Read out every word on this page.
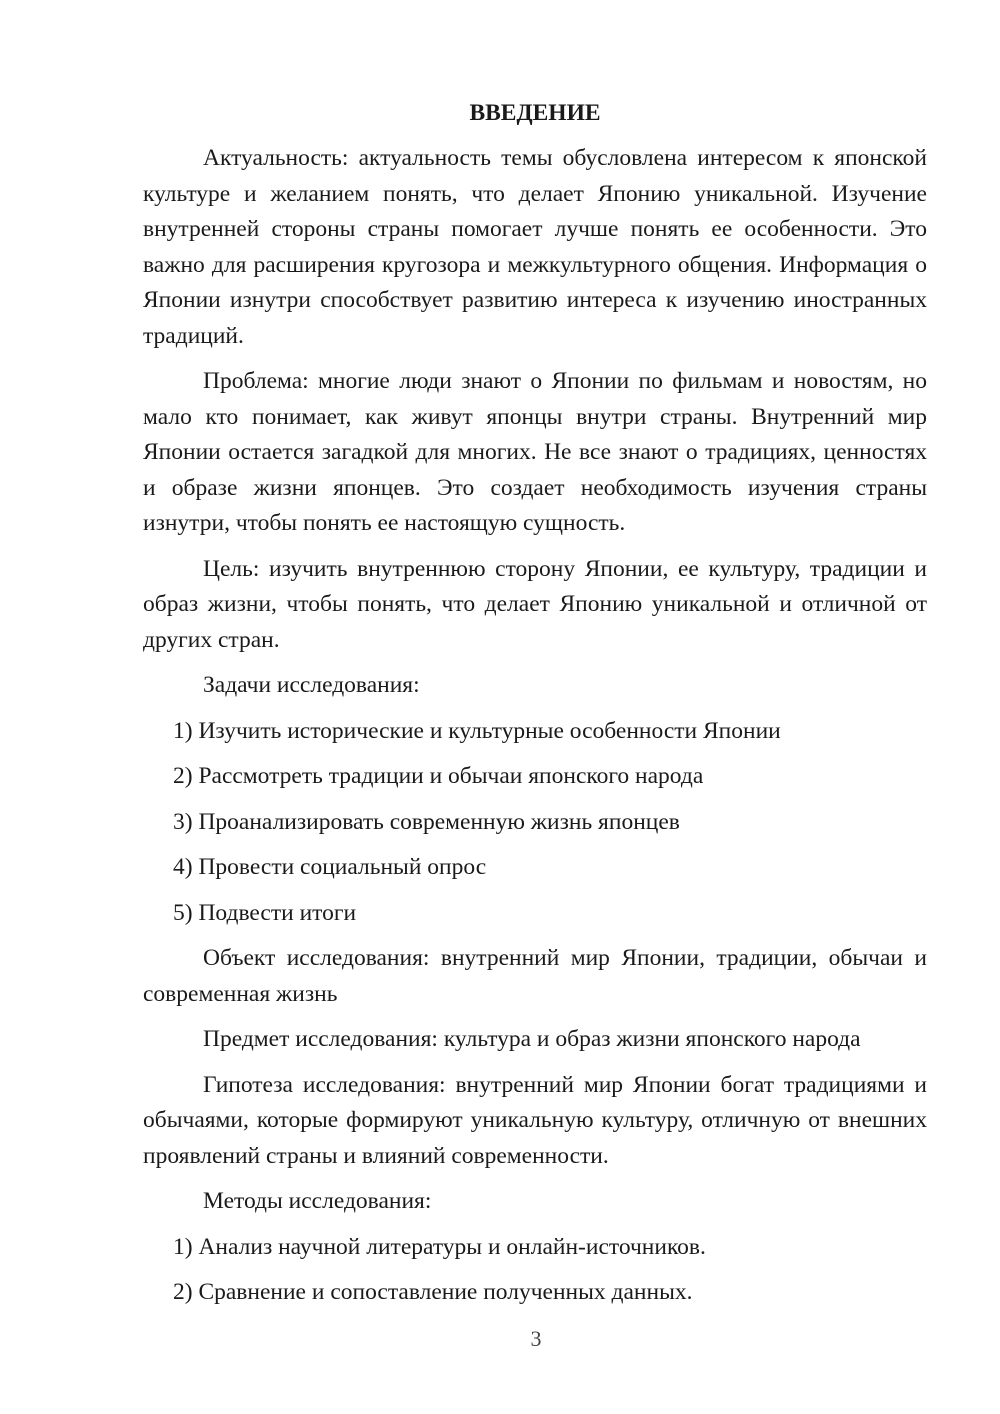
ВВЕДЕНИЕ

Актуальность: актуальность темы обусловлена интересом к японской культуре и желанием понять, что делает Японию уникальной. Изучение внутренней стороны страны помогает лучше понять ее особенности. Это важно для расширения кругозора и межкультурного общения. Информация о Японии изнутри способствует развитию интереса к изучению иностранных традиций.

Проблема: многие люди знают о Японии по фильмам и новостям, но мало кто понимает, как живут японцы внутри страны. Внутренний мир Японии остается загадкой для многих. Не все знают о традициях, ценностях и образе жизни японцев. Это создает необходимость изучения страны изнутри, чтобы понять ее настоящую сущность.

Цель: изучить внутреннюю сторону Японии, ее культуру, традиции и образ жизни, чтобы понять, что делает Японию уникальной и отличной от других стран.

Задачи исследования:
1) Изучить исторические и культурные особенности Японии
2) Рассмотреть традиции и обычаи японского народа
3) Проанализировать современную жизнь японцев
4) Провести социальный опрос
5) Подвести итоги

Объект исследования: внутренний мир Японии, традиции, обычаи и современная жизнь

Предмет исследования: культура и образ жизни японского народа

Гипотеза исследования: внутренний мир Японии богат традициями и обычаями, которые формируют уникальную культуру, отличную от внешних проявлений страны и влияний современности.

Методы исследования:
1) Анализ научной литературы и онлайн-источников.
2) Сравнение и сопоставление полученных данных.
3
